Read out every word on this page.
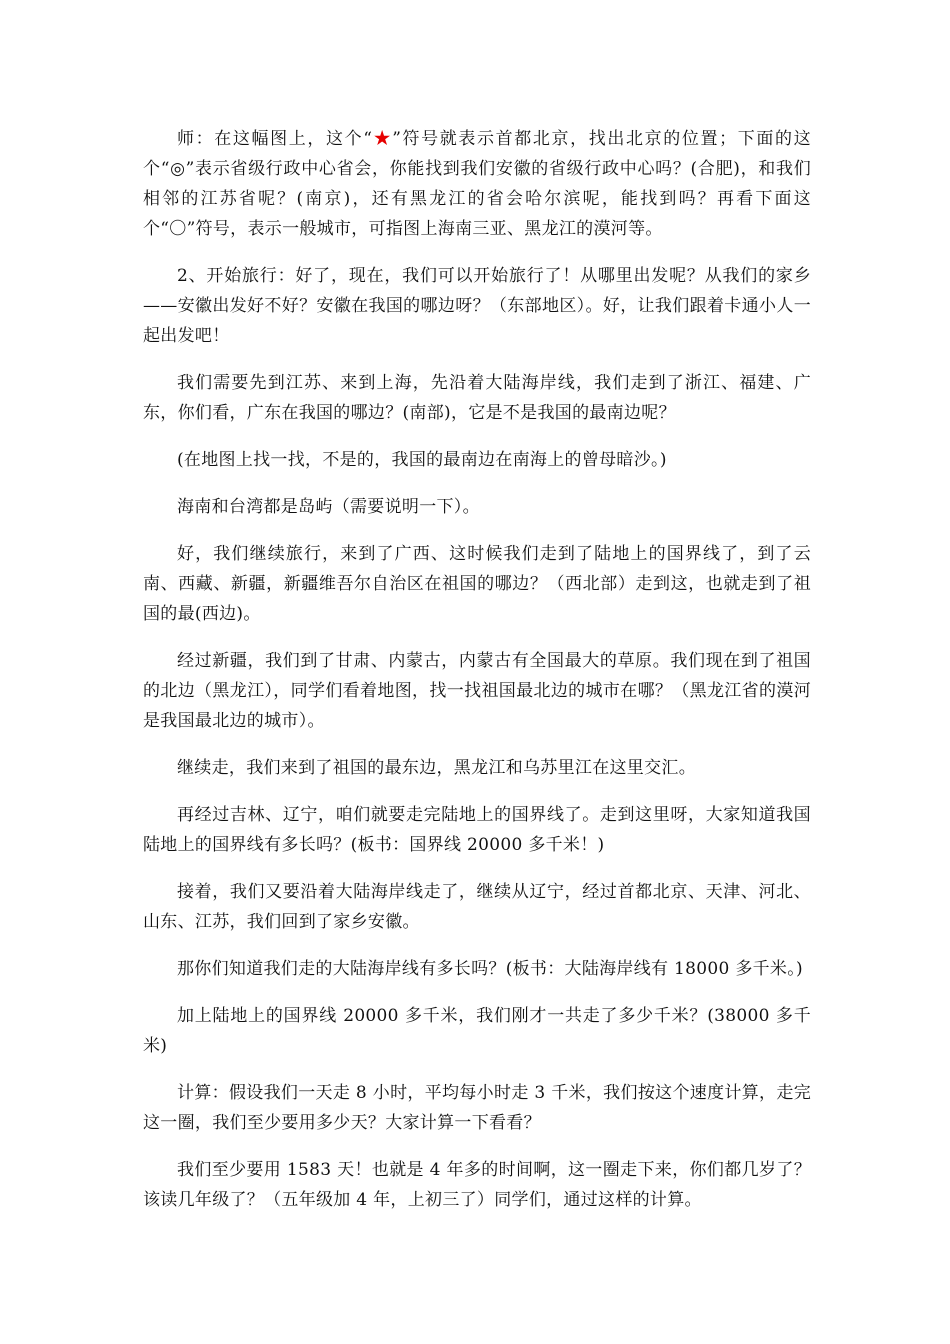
师：在这幅图上，这个“★”符号就表示首都北京，找出北京的位置；下面的这个“◎”表示省级行政中心省会，你能找到我们安徽的省级行政中心吗？(合肥)，和我们相邻的江苏省呢？(南京)，还有黑龙江的省会哈尔滨呢，能找到吗？再看下面这个“〇”符号，表示一般城市，可指图上海南三亚、黑龙江的漠河等。

2、开始旅行：好了，现在，我们可以开始旅行了！从哪里出发呢？从我们的家乡——安徽出发好不好？安徽在我国的哪边呀？（东部地区）。好，让我们跟着卡通小人一起出发吧！

我们需要先到江苏、来到上海，先沿着大陆海岸线，我们走到了浙江、福建、广东，你们看，广东在我国的哪边？(南部)，它是不是我国的最南边呢？

(在地图上找一找，不是的，我国的最南边在南海上的曾母暗沙。)

海南和台湾都是岛屿（需要说明一下）。

好，我们继续旅行，来到了广西、这时候我们走到了陆地上的国界线了，到了云南、西藏、新疆，新疆维吾尔自治区在祖国的哪边？（西北部）走到这，也就走到了祖国的最(西边)。

经过新疆，我们到了甘肃、内蒙古，内蒙古有全国最大的草原。我们现在到了祖国的北边（黑龙江），同学们看着地图，找一找祖国最北边的城市在哪？（黑龙江省的漠河是我国最北边的城市）。

继续走，我们来到了祖国的最东边，黑龙江和乌苏里江在这里交汇。

再经过吉林、辽宁，咱们就要走完陆地上的国界线了。走到这里呀，大家知道我国陆地上的国界线有多长吗？(板书：国界线 20000 多千米！)

接着，我们又要沿着大陆海岸线走了，继续从辽宁，经过首都北京、天津、河北、山东、江苏，我们回到了家乡安徽。

那你们知道我们走的大陆海岸线有多长吗？(板书：大陆海岸线有 18000 多千米。)

加上陆地上的国界线 20000 多千米，我们刚才一共走了多少千米？(38000 多千米)

计算：假设我们一天走 8 小时，平均每小时走 3 千米，我们按这个速度计算，走完这一圈，我们至少要用多少天？大家计算一下看看？

我们至少要用 1583 天！也就是 4 年多的时间啊，这一圈走下来，你们都几岁了？该读几年级了？（五年级加 4 年，上初三了）同学们，通过这样的计算。
